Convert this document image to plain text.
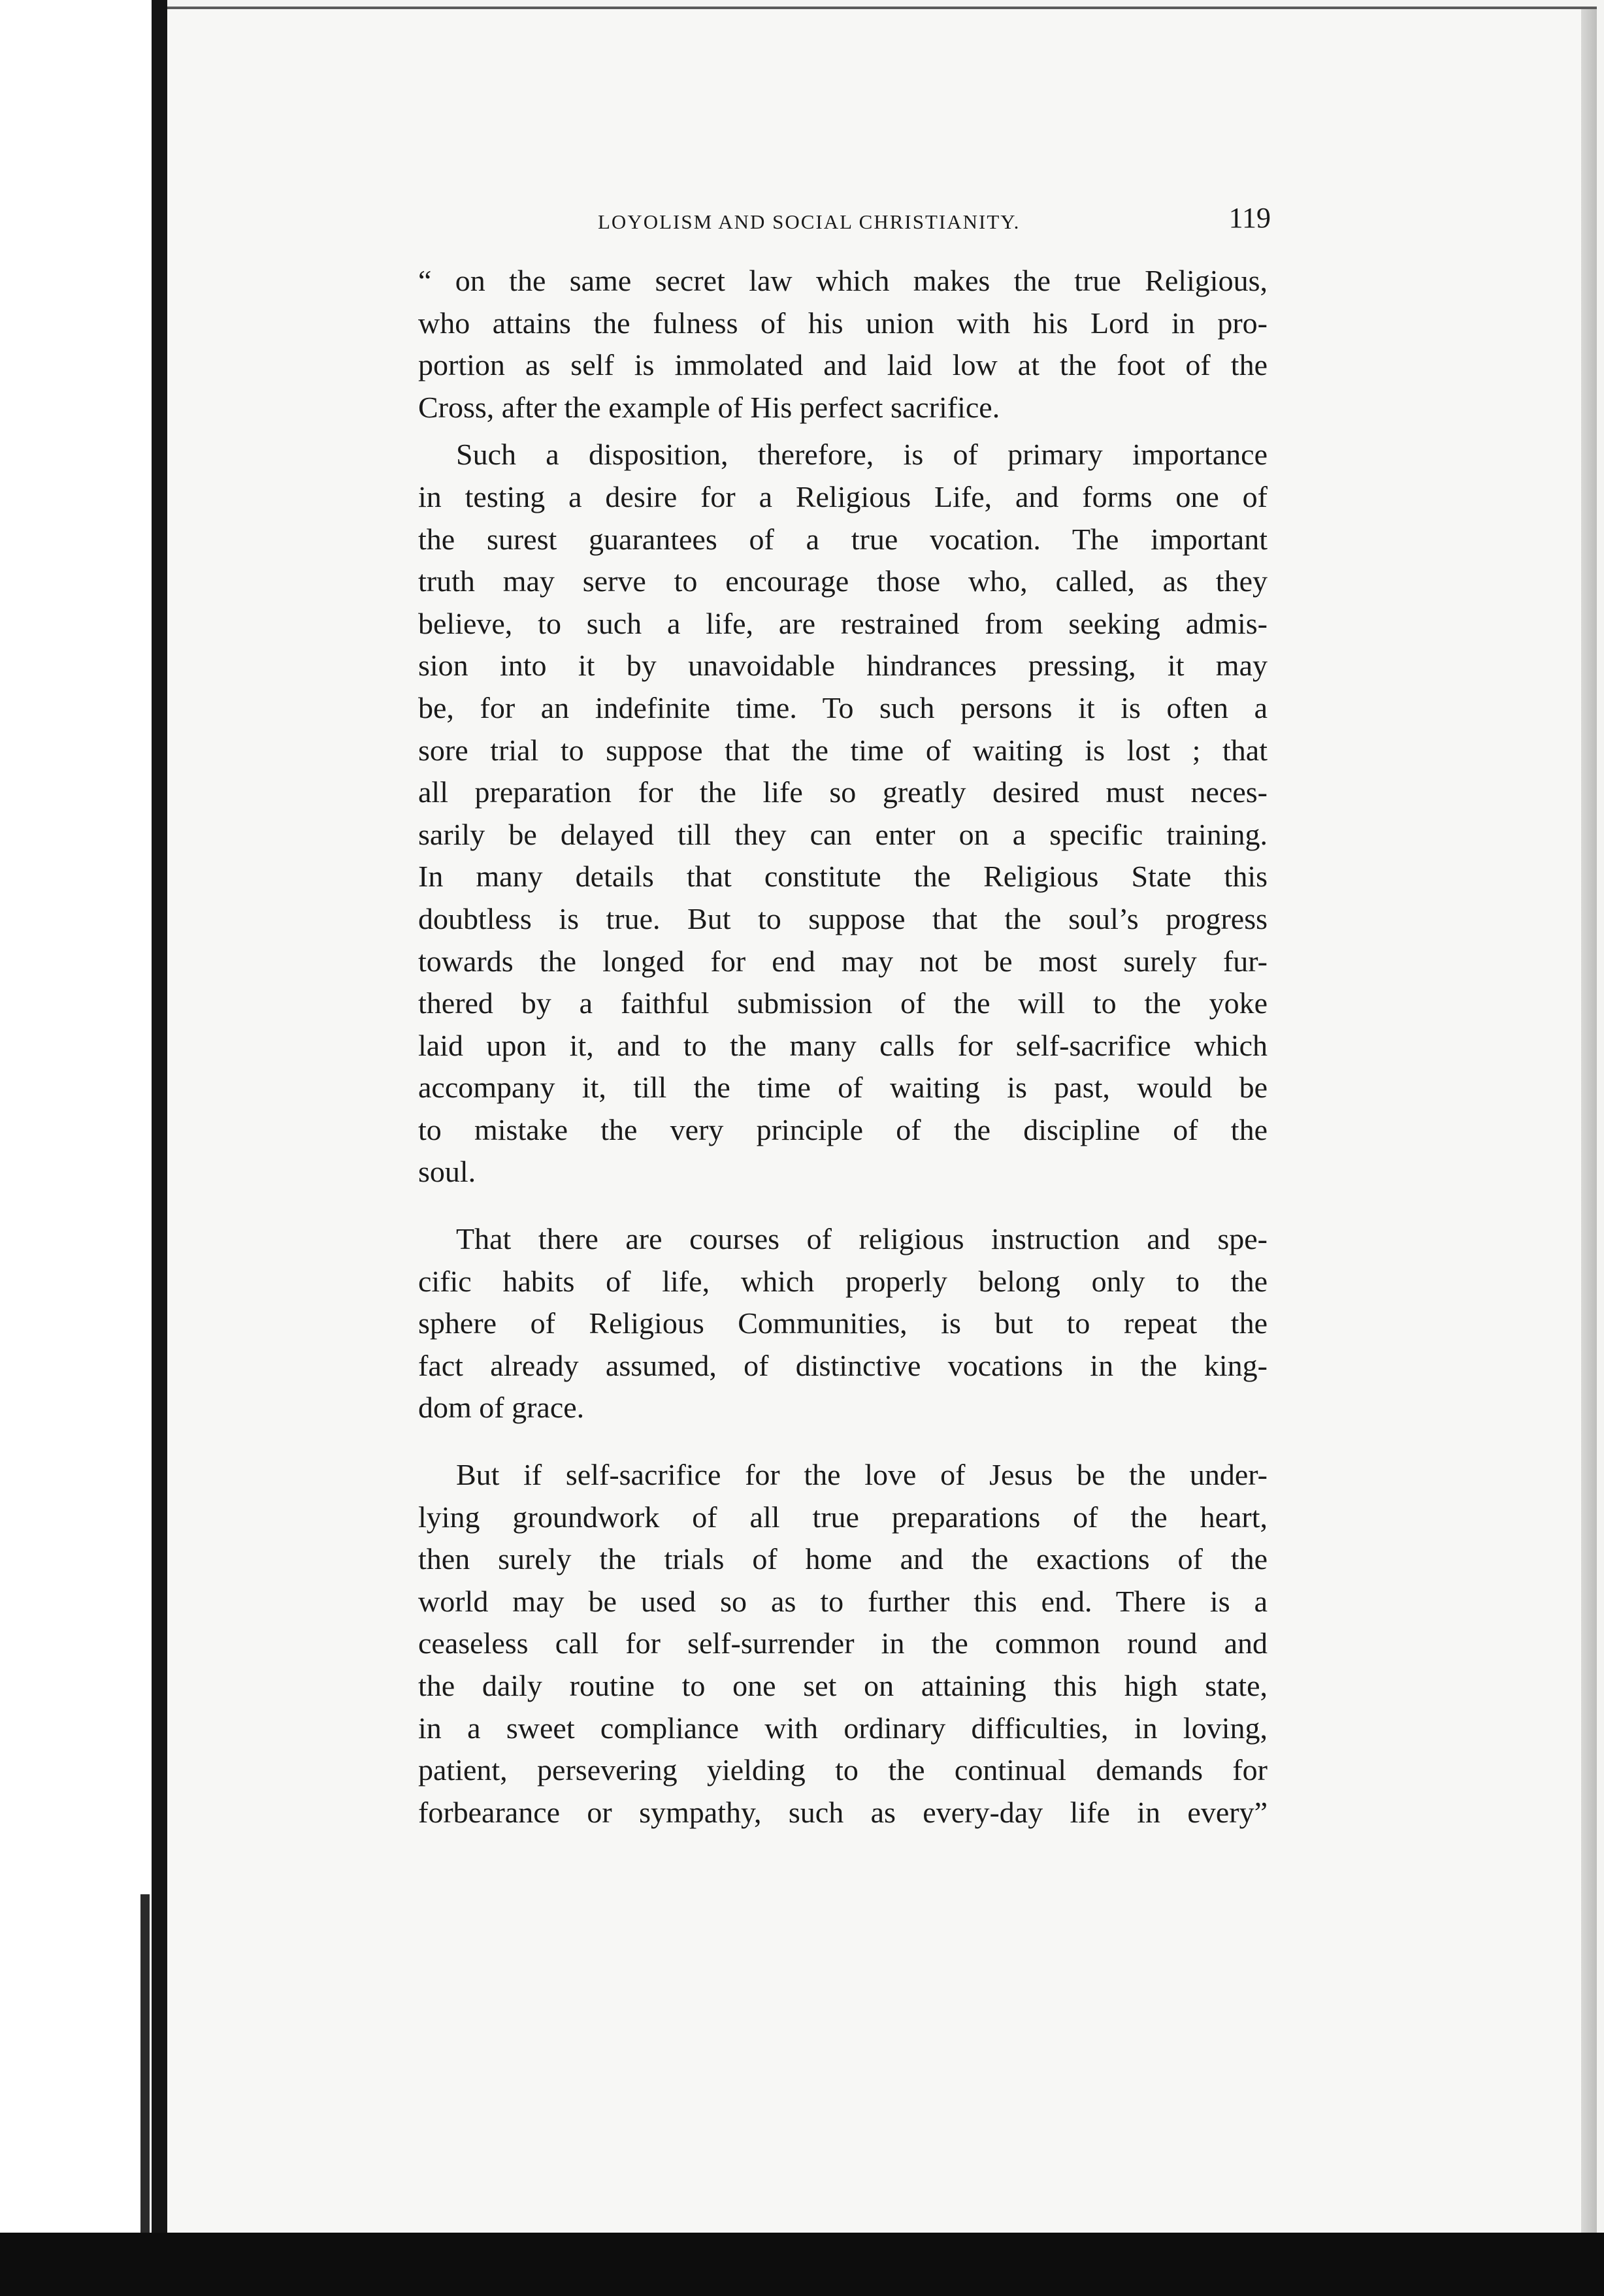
LOYOLISM AND SOCIAL CHRISTIANITY.	119

“ on the same secret law which makes the true Religious,
who attains the fulness of his union with his Lord in pro-
portion as self is immolated and laid low at the foot of the
Cross, after the example of His perfect sacrifice.

Such a disposition, therefore, is of primary importance
in testing a desire for a Religious Life, and forms one of
the surest guarantees of a true vocation. The important
truth may serve to encourage those who, called, as they
believe, to such a life, are restrained from seeking admis-
sion into it by unavoidable hindrances pressing, it may
be, for an indefinite time. To such persons it is often a
sore trial to suppose that the time of waiting is lost ; that
all preparation for the life so greatly desired must neces-
sarily be delayed till they can enter on a specific training.
In many details that constitute the Religious State this
doubtless is true. But to suppose that the soul’s progress
towards the longed for end may not be most surely fur-
thered by a faithful submission of the will to the yoke
laid upon it, and to the many calls for self-sacrifice which
accompany it, till the time of waiting is past, would be
to mistake the very principle of the discipline of the
soul.

That there are courses of religious instruction and spe-
cific habits of life, which properly belong only to the
sphere of Religious Communities, is but to repeat the
fact already assumed, of distinctive vocations in the king-
dom of grace.

But if self-sacrifice for the love of Jesus be the under-
lying groundwork of all true preparations of the heart,
then surely the trials of home and the exactions of the
world may be used so as to further this end. There is a
ceaseless call for self-surrender in the common round and
the daily routine to one set on attaining this high state,
in a sweet compliance with ordinary difficulties, in loving,
patient, persevering yielding to the continual demands for
forbearance or sympathy, such as every-day life in every”
